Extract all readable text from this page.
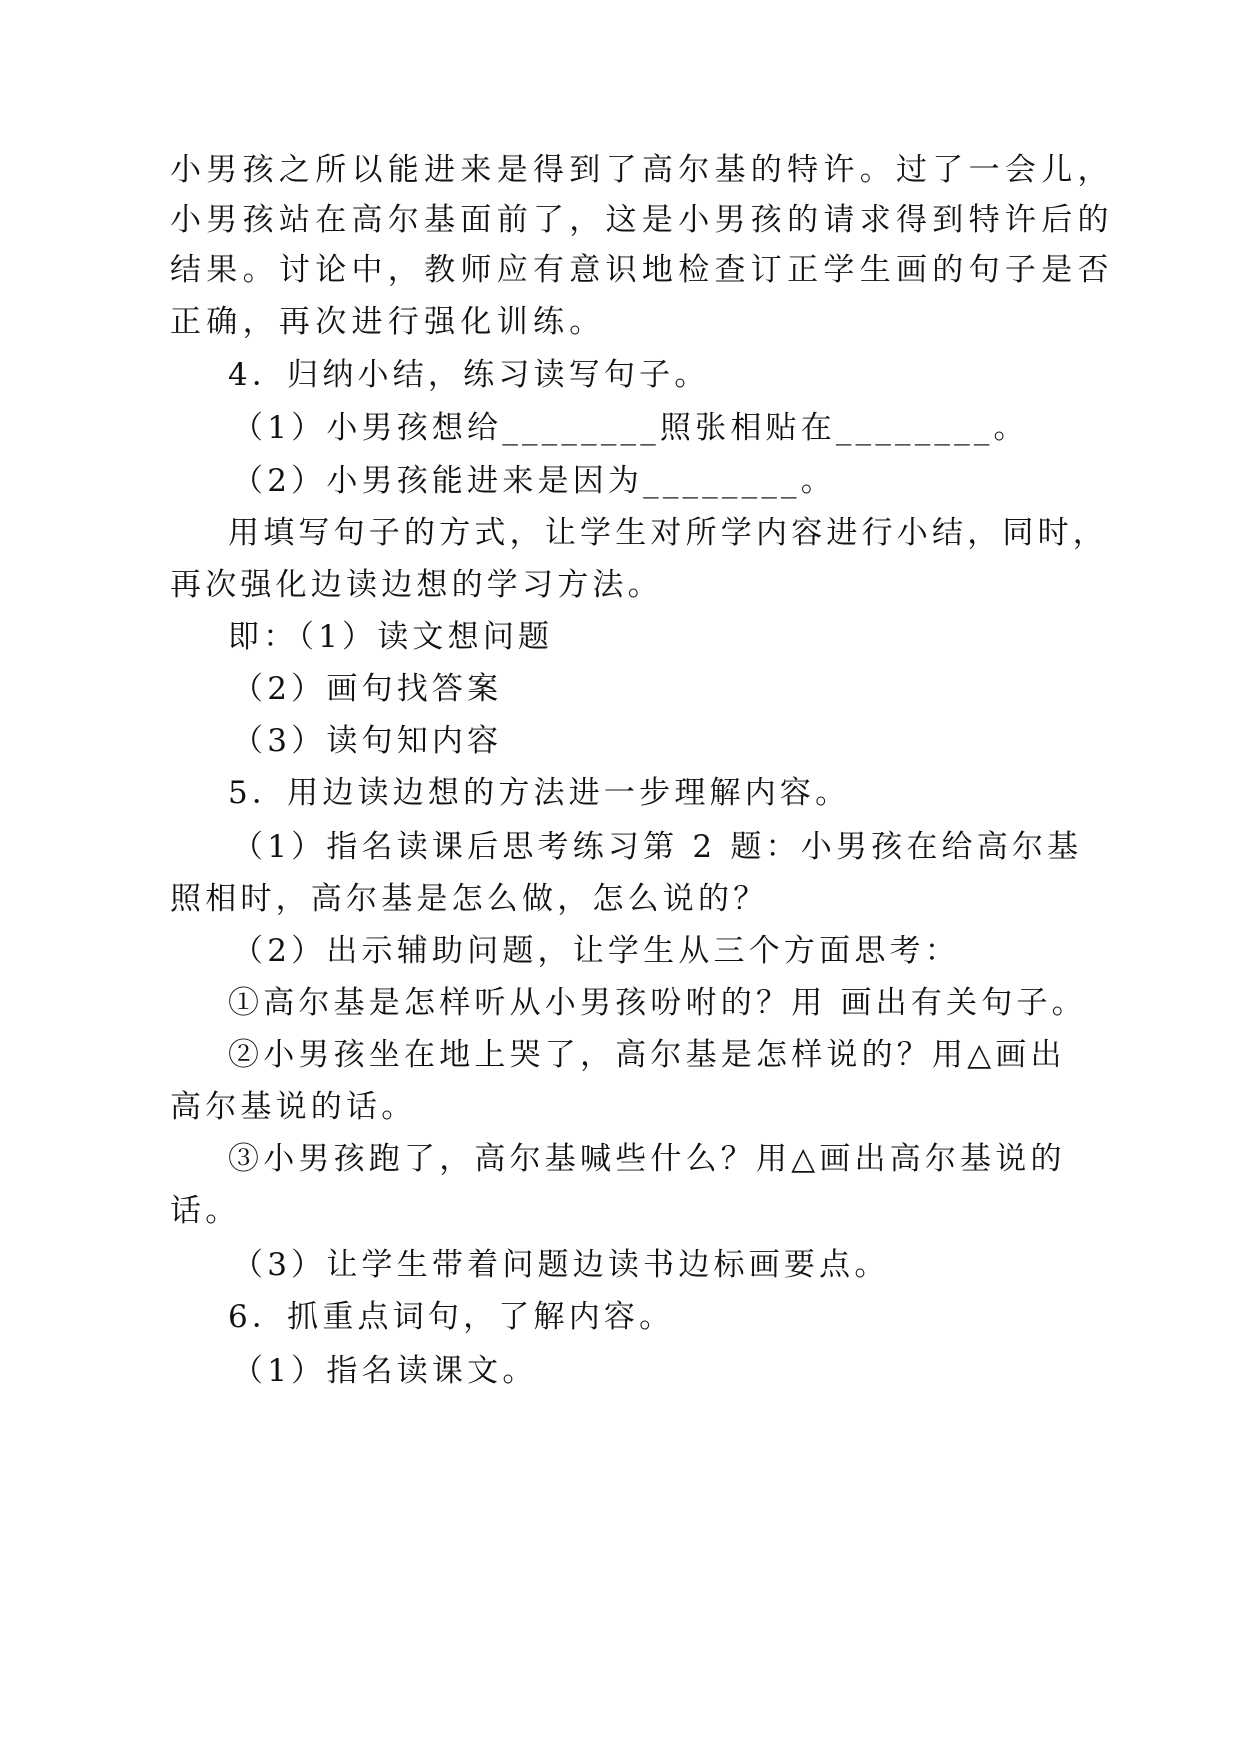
小男孩之所以能进来是得到了高尔基的特许。过了一会儿，
小男孩站在高尔基面前了，这是小男孩的请求得到特许后的
结果。讨论中，教师应有意识地检查订正学生画的句子是否
正确，再次进行强化训练。
4．归纳小结，练习读写句子。
（1）小男孩想给________照张相贴在________。
（2）小男孩能进来是因为________。
用填写句子的方式，让学生对所学内容进行小结，同时，
再次强化边读边想的学习方法。
即：（1）读文想问题
（2）画句找答案
（3）读句知内容
5．用边读边想的方法进一步理解内容。
（1）指名读课后思考练习第 2 题：小男孩在给高尔基
照相时，高尔基是怎么做，怎么说的？
（2）出示辅助问题，让学生从三个方面思考：
①高尔基是怎样听从小男孩吩咐的？用 画出有关句子。
②小男孩坐在地上哭了，高尔基是怎样说的？用△画出
高尔基说的话。
③小男孩跑了，高尔基喊些什么？用△画出高尔基说的
话。
（3）让学生带着问题边读书边标画要点。
6．抓重点词句，了解内容。
（1）指名读课文。
